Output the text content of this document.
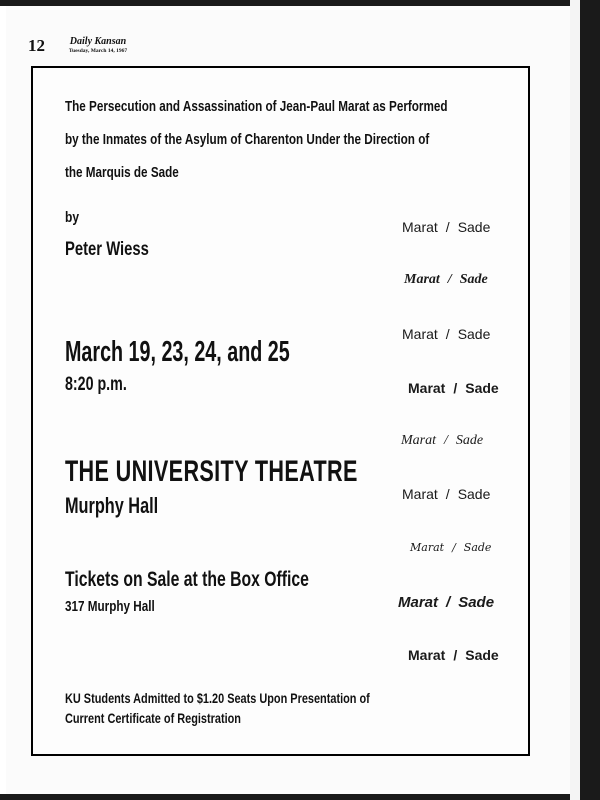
12	Daily Kansan
Tuesday, March 14, 1967
The Persecution and Assassination of Jean-Paul Marat as Performed
by the Inmates of the Asylum of Charenton Under the Direction of
the Marquis de Sade
by
Peter Wiess
March 19, 23, 24, and 25
8:20 p.m.
THE UNIVERSITY THEATRE
Murphy Hall
Tickets on Sale at the Box Office
317 Murphy Hall
KU Students Admitted to $1.20 Seats Upon Presentation of
Current Certificate of Registration
Marat / Sade
Marat / Sade
Marat / Sade
Marat / Sade
Marat / Sade
Marat / Sade
Marat / Sade
Marat / Sade
Marat / Sade
